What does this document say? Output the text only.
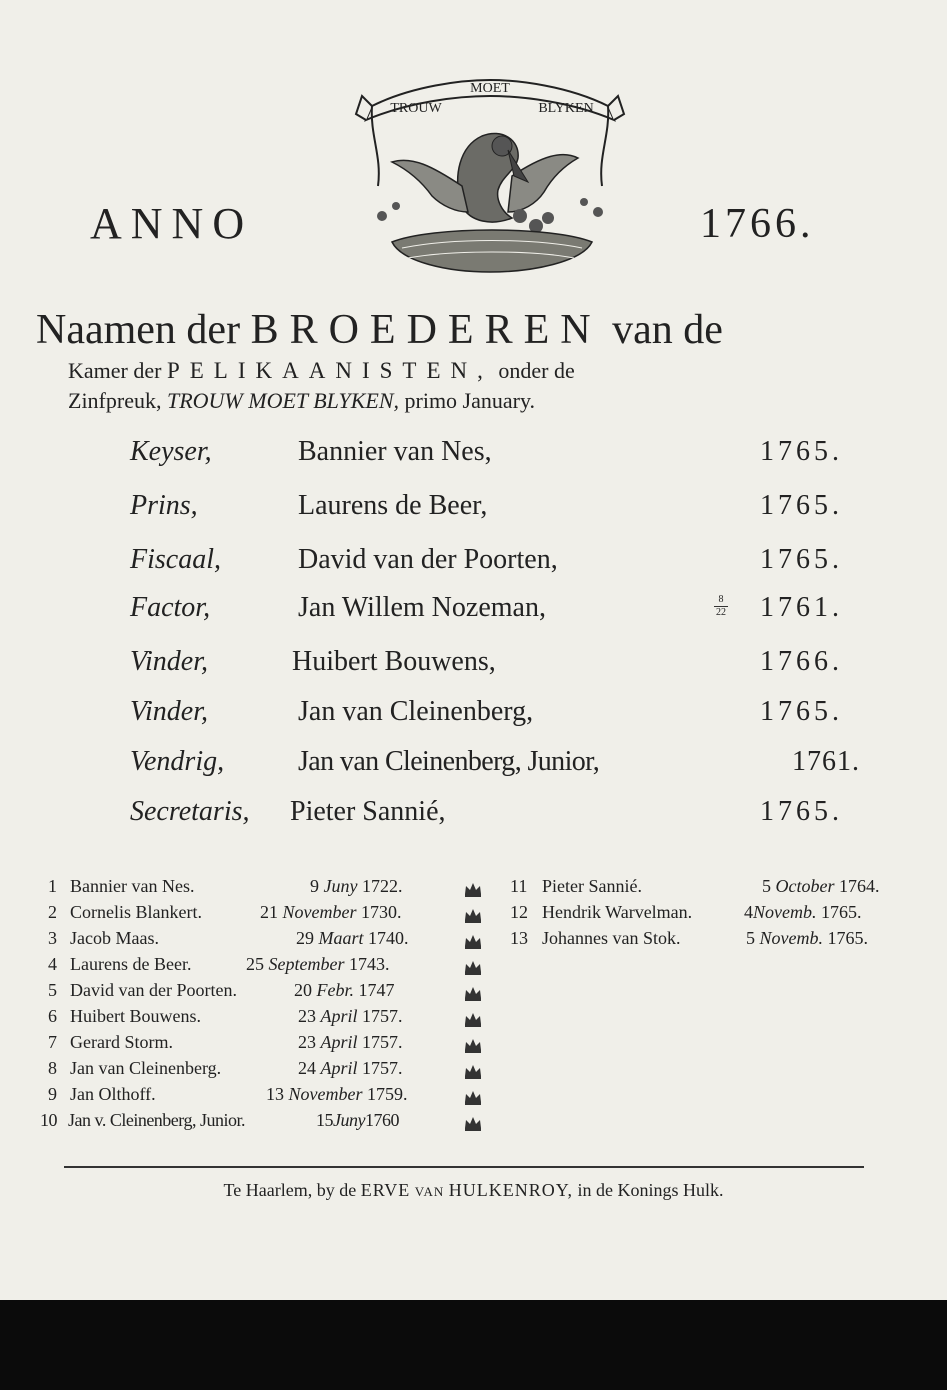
ANNO	1766.
MOET
TROUW	BLYKEN
Naamen der BROEDEREN van de
Kamer der PELIKAANISTEN, onder de
Zinfpreuk, TROUW MOET BLYKEN, primo January.
Keyser,	Bannier van Nes,	1765.
Prins,	Laurens de Beer,	1765.
Fiscaal,	David van der Poorten,	1765.
Factor,	Jan Willem Nozeman,	$\frac{8}{22} 1761$.
Vinder,	Huibert Bouwens,	1766.
Vinder,	Jan van Cleinenberg,	1765.
Vendrig,	Jan van Cleinenberg, Junior,	1761.
Secretaris, Pieter Sannié,	1765.
1 Bannier van Nes.	9 Juny 1722.
2 Cornelis Blankert.	21 November 1730.
3 Jacob Maas.	29 Maart 1740.
4 Laurens de Beer.	25 September 1743.
5 David van der Poorten.	20 Febr. 1747
6 Huibert Bouwens.	23 April 1757.
7 Gerard Storm.	23 April 1757.
8 Jan van Cleinenberg.	24 April 1757.
9 Jan Olthoff.	13 November 1759.
10 Jan v. Cleinenberg, Junior.	15Juny1760
11 Pieter Sannié.	5 October 1764.
12 Hendrik Warvelman.	4Novemb. 1765.
13 Johannes van Stok.	5 Novemb. 1765.
Te Haarlem, by de ERVE VAN HULKENROY, in de Konings Hulk.
